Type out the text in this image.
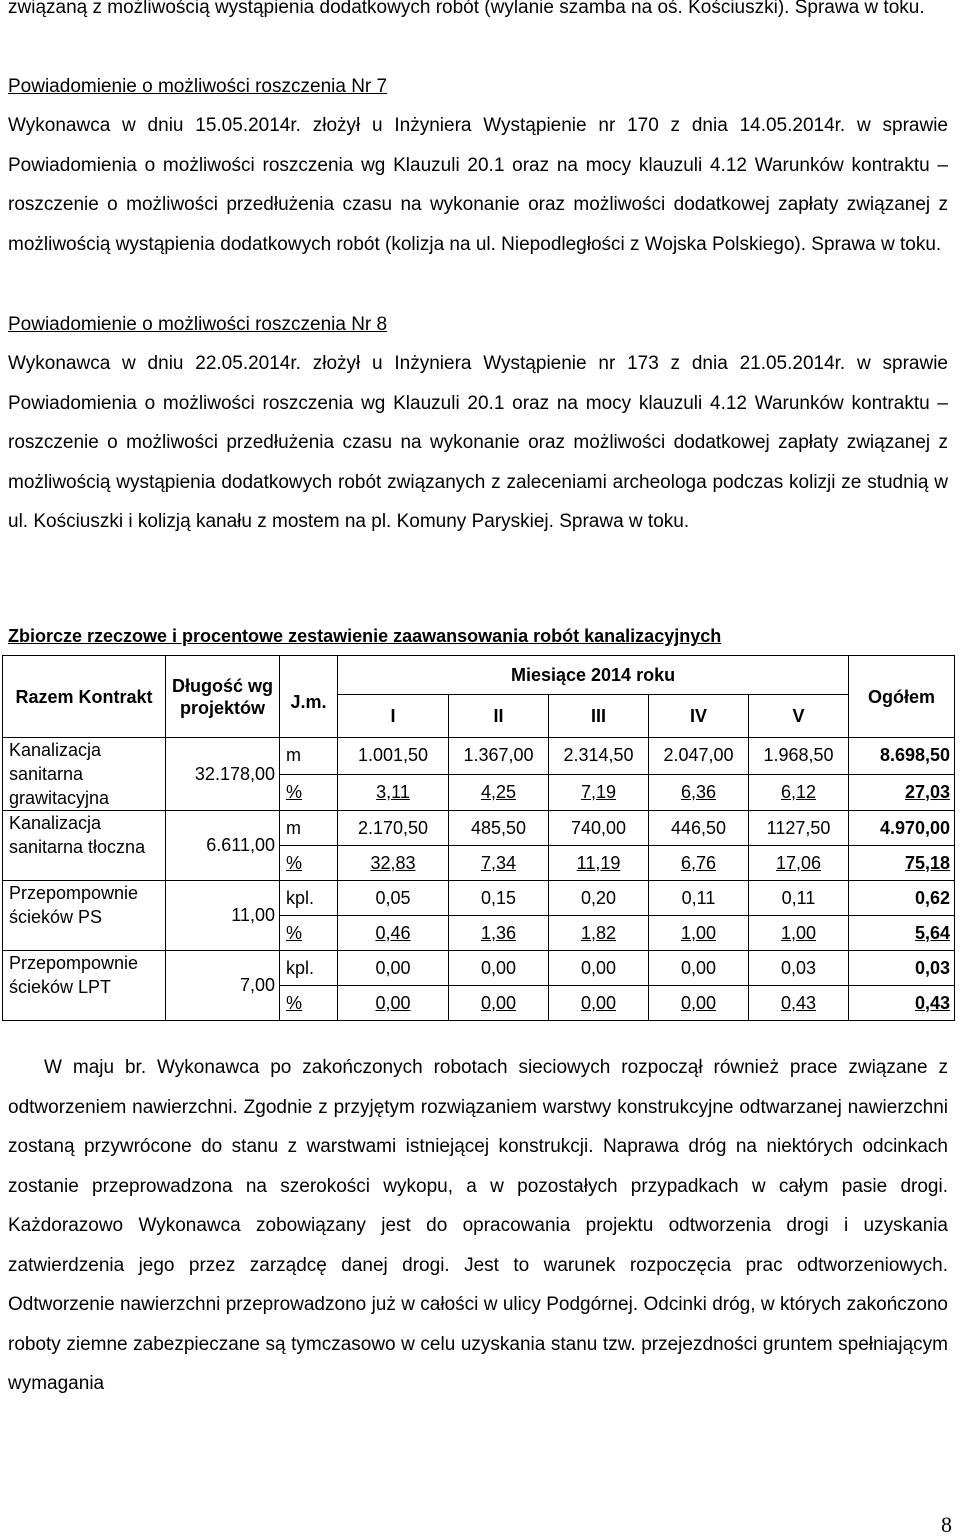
związaną z możliwością wystąpienia dodatkowych robót (wylanie szamba na oś. Kościuszki). Sprawa w toku.

Powiadomienie o możliwości roszczenia Nr 7

Wykonawca w dniu 15.05.2014r. złożył u Inżyniera Wystąpienie nr 170 z dnia 14.05.2014r. w sprawie Powiadomienia o możliwości roszczenia wg Klauzuli 20.1 oraz na mocy klauzuli 4.12 Warunków kontraktu – roszczenie o możliwości przedłużenia czasu na wykonanie oraz możliwości dodatkowej zapłaty związanej z możliwością wystąpienia dodatkowych robót (kolizja na ul. Niepodległości z Wojska Polskiego). Sprawa w toku.

Powiadomienie o możliwości roszczenia Nr 8

Wykonawca w dniu 22.05.2014r. złożył u Inżyniera Wystąpienie nr 173 z dnia 21.05.2014r. w sprawie Powiadomienia o możliwości roszczenia wg Klauzuli 20.1 oraz na mocy klauzuli 4.12 Warunków kontraktu – roszczenie o możliwości przedłużenia czasu na wykonanie oraz możliwości dodatkowej zapłaty związanej z możliwością wystąpienia dodatkowych robót związanych z zaleceniami archeologa podczas kolizji ze studnią w ul. Kościuszki i kolizją kanału z mostem na pl. Komuny Paryskiej. Sprawa w toku.

Zbiorcze rzeczowe i procentowe zestawienie zaawansowania robót kanalizacyjnych

Razem Kontrakt	Długość wg projektów	J.m.	Miesiące 2014 roku					Ogółem
			I	II	III	IV	V	
Kanalizacja sanitarna grawitacyjna	32.178,00	m	1.001,50	1.367,00	2.314,50	2.047,00	1.968,50	8.698,50
		%	3,11	4,25	7,19	6,36	6,12	27,03
Kanalizacja sanitarna tłoczna	6.611,00	m	2.170,50	485,50	740,00	446,50	1127,50	4.970,00
		%	32,83	7,34	11,19	6,76	17,06	75,18
Przepompownie ścieków PS	11,00	kpl.	0,05	0,15	0,20	0,11	0,11	0,62
		%	0,46	1,36	1,82	1,00	1,00	5,64
Przepompownie ścieków LPT	7,00	kpl.	0,00	0,00	0,00	0,00	0,03	0,03
		%	0,00	0,00	0,00	0,00	0,43	0,43

W maju br. Wykonawca po zakończonych robotach sieciowych rozpoczął również prace związane z odtworzeniem nawierzchni. Zgodnie z przyjętym rozwiązaniem warstwy konstrukcyjne odtwarzanej nawierzchni zostaną przywrócone do stanu z warstwami istniejącej konstrukcji. Naprawa dróg na niektórych odcinkach zostanie przeprowadzona na szerokości wykopu, a w pozostałych przypadkach w całym pasie drogi. Każdorazowo Wykonawca zobowiązany jest do opracowania projektu odtworzenia drogi i uzyskania zatwierdzenia jego przez zarządcę danej drogi. Jest to warunek rozpoczęcia prac odtworzeniowych. Odtworzenie nawierzchni przeprowadzono już w całości w ulicy Podgórnej. Odcinki dróg, w których zakończono roboty ziemne zabezpieczane są tymczasowo w celu uzyskania stanu tzw. przejezdności gruntem spełniającym wymagania

8
